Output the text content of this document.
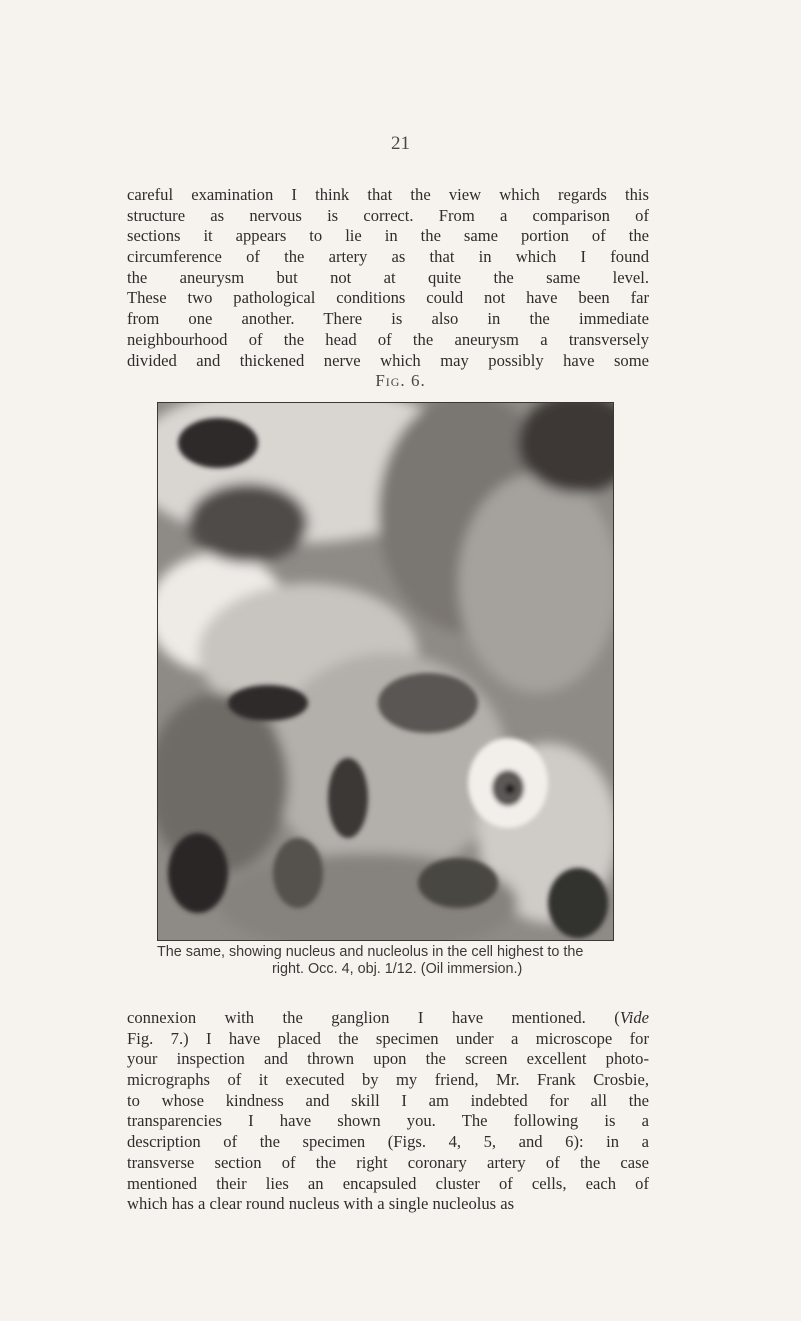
21
careful examination I think that the view which regards this
structure as nervous is correct. From a comparison of
sections it appears to lie in the same portion of the
circumference of the artery as that in which I found
the aneurysm but not at quite the same level.
These two pathological conditions could not have been far
from one another. There is also in the immediate
neighbourhood of the head of the aneurysm a transversely
divided and thickened nerve which may possibly have some
Fig. 6.
The same, showing nucleus and nucleolus in the cell highest to the
right. Occ. 4, obj. 1/12. (Oil immersion.)
connexion with the ganglion I have mentioned. (Vide
Fig. 7.) I have placed the specimen under a microscope for
your inspection and thrown upon the screen excellent photo-
micrographs of it executed by my friend, Mr. Frank Crosbie,
to whose kindness and skill I am indebted for all the
transparencies I have shown you. The following is a
description of the specimen (Figs. 4, 5, and 6): in a
transverse section of the right coronary artery of the case
mentioned their lies an encapsuled cluster of cells, each of
which has a clear round nucleus with a single nucleolus as
